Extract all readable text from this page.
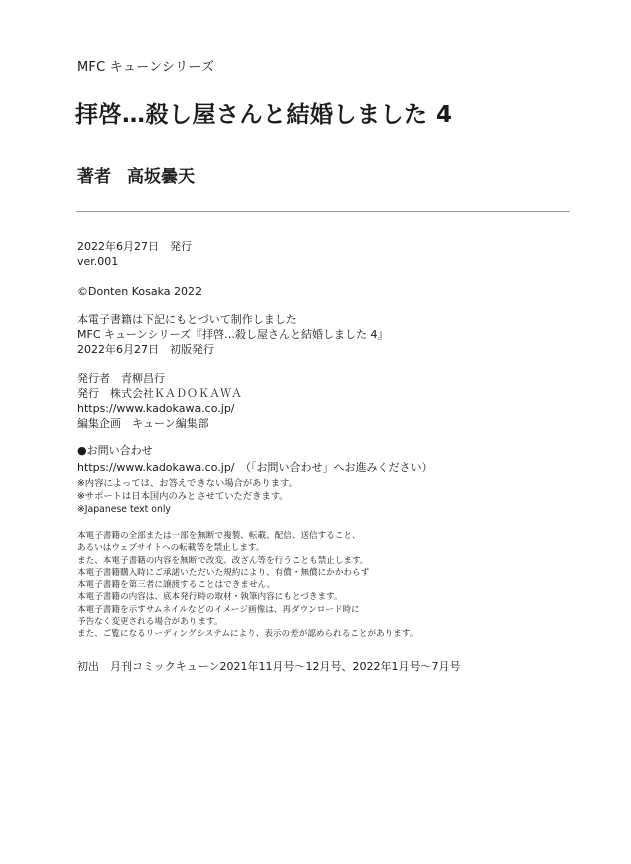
MFC キューンシリーズ
拝啓…殺し屋さんと結婚しました 4
著者 高坂曇天
2022年6月27日　発行
ver.001
©Donten Kosaka 2022
本電子書籍は下記にもとづいて制作しました
MFC キューンシリーズ『拝啓…殺し屋さんと結婚しました 4』
2022年6月27日　初版発行
発行者　青柳昌行
発行　株式会社ＫＡＤＯＫＡＷＡ
https://www.kadokawa.co.jp/
編集企画　キューン編集部
●お問い合わせ
https://www.kadokawa.co.jp/　（「お問い合わせ」へお進みください）
※内容によっては、お答えできない場合があります。
※サポートは日本国内のみとさせていただきます。
※Japanese text only
本電子書籍の全部または一部を無断で複製、転載、配信、送信すること、
あるいはウェブサイトへの転載等を禁止します。
また、本電子書籍の内容を無断で改変、改ざん等を行うことも禁止します。
本電子書籍購入時にご承諾いただいた規約により、有償・無償にかかわらず
本電子書籍を第三者に譲渡することはできません。
本電子書籍の内容は、底本発行時の取材・執筆内容にもとづきます。
本電子書籍を示すサムネイルなどのイメージ画像は、再ダウンロード時に
予告なく変更される場合があります。
また、ご覧になるリーディングシステムにより、表示の差が認められることがあります。
初出　月刊コミックキューン2021年11月号～12月号、2022年1月号～7月号
